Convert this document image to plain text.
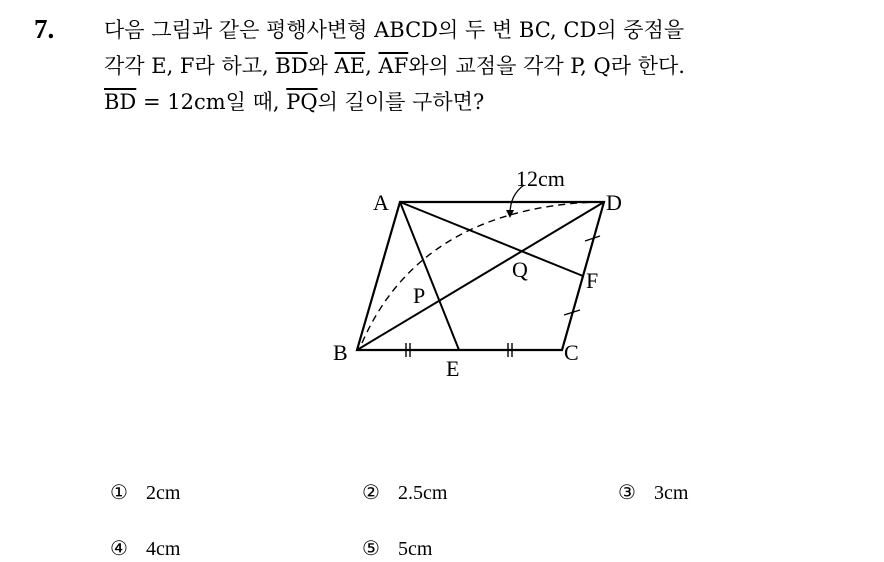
7. 다음 그림과 같은 평행사변형 ABCD의 두 변 BC, CD의 중점을
각각 E, F라 하고, $\overline{BD}$와 $\overline{AE}$, $\overline{AF}$와의 교점을 각각 P, Q라 한다.
$\overline{BD} = 12cm$일 때, $\overline{PQ}$의 길이를 구하면?
A	D
B	C
E
F
P
Q
12cm
① 2cm	② 2.5cm	③ 3cm
④ 4cm	⑤ 5cm
